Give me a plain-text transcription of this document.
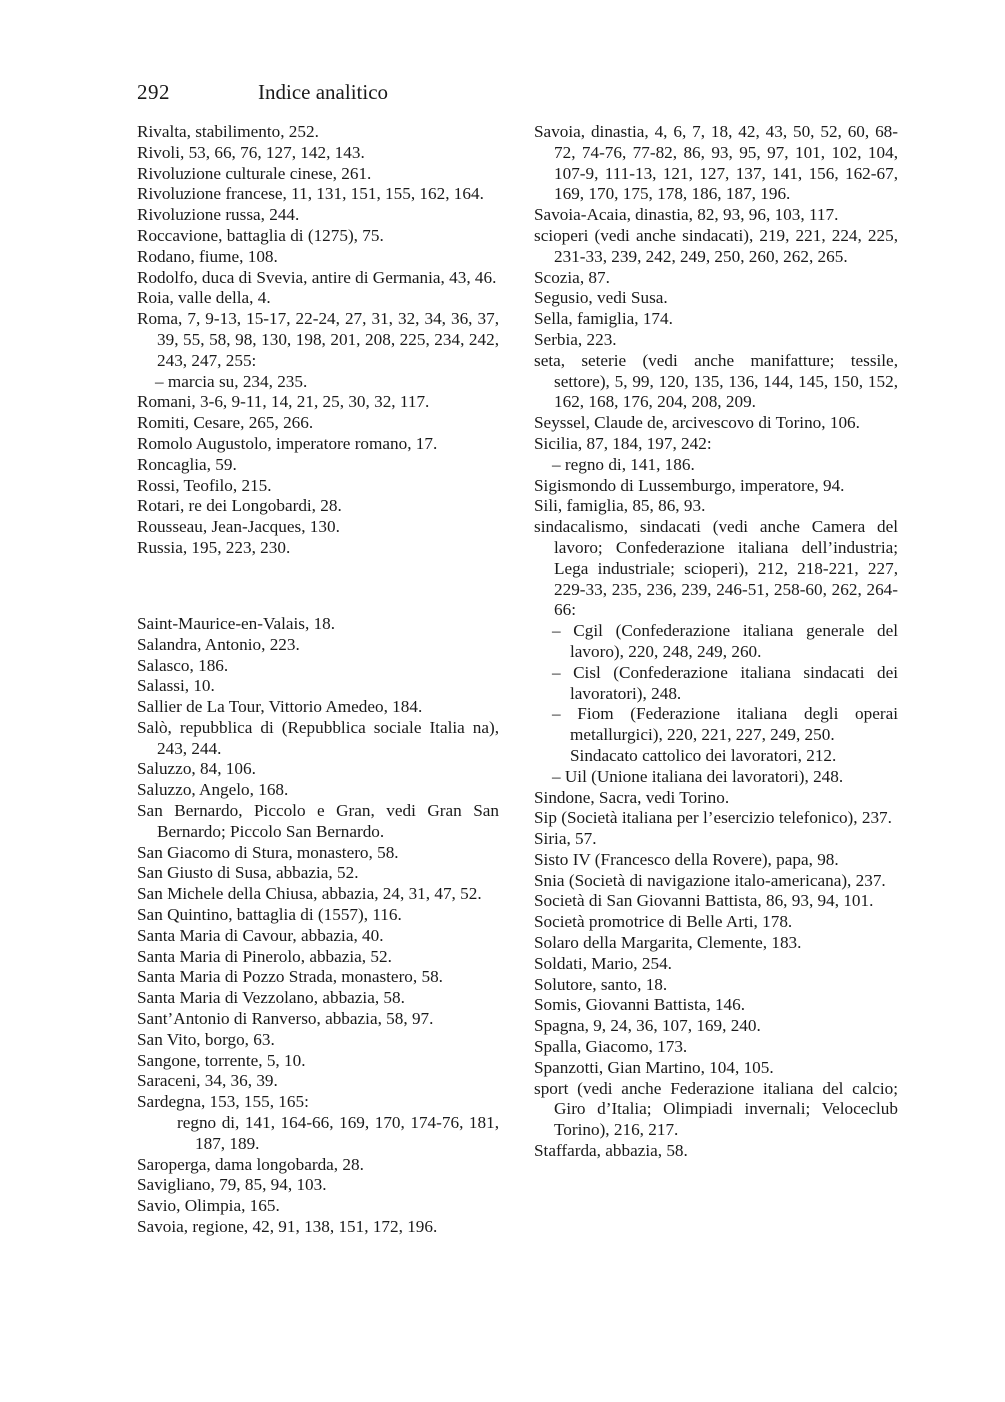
292	Indice analitico

Rivalta, stabilimento, 252.

Rivoli, 53, 66, 76, 127, 142, 143.

Rivoluzione culturale cinese, 261.

Rivoluzione francese, 11, 131, 151, 155, 162, 164.

Rivoluzione russa, 244.

Roccavione, battaglia di (1275), 75.

Rodano, fiume, 108.

Rodolfo, duca di Svevia, antire di Germania, 43, 46.

Roia, valle della, 4.

Roma, 7, 9-13, 15-17, 22-24, 27, 31, 32, 34, 36, 37, 39, 55, 58, 98, 130, 198, 201, 208, 225, 234, 242, 243, 247, 255:

– marcia su, 234, 235.

Romani, 3-6, 9-11, 14, 21, 25, 30, 32, 117.

Romiti, Cesare, 265, 266.

Romolo Augustolo, imperatore romano, 17.

Roncaglia, 59.

Rossi, Teofilo, 215.

Rotari, re dei Longobardi, 28.

Rousseau, Jean-Jacques, 130.

Russia, 195, 223, 230.

Saint-Maurice-en-Valais, 18.

Salandra, Antonio, 223.

Salasco, 186.

Salassi, 10.

Sallier de La Tour, Vittorio Amedeo, 184.

Salò, repubblica di (Repubblica sociale Italia na), 243, 244.

Saluzzo, 84, 106.

Saluzzo, Angelo, 168.

San Bernardo, Piccolo e Gran, vedi Gran San Bernardo; Piccolo San Bernardo.

San Giacomo di Stura, monastero, 58.

San Giusto di Susa, abbazia, 52.

San Michele della Chiusa, abbazia, 24, 31, 47, 52.

San Quintino, battaglia di (1557), 116.

Santa Maria di Cavour, abbazia, 40.

Santa Maria di Pinerolo, abbazia, 52.

Santa Maria di Pozzo Strada, monastero, 58.

Santa Maria di Vezzolano, abbazia, 58.

Sant’Antonio di Ranverso, abbazia, 58, 97.

San Vito, borgo, 63.

Sangone, torrente, 5, 10.

Saraceni, 34, 36, 39.

Sardegna, 153, 155, 165:

regno di, 141, 164-66, 169, 170, 174-76, 181, 187, 189.

Saroperga, dama longobarda, 28.

Savigliano, 79, 85, 94, 103.

Savio, Olimpia, 165.

Savoia, regione, 42, 91, 138, 151, 172, 196.

Savoia, dinastia, 4, 6, 7, 18, 42, 43, 50, 52, 60, 68-72, 74-76, 77-82, 86, 93, 95, 97, 101, 102, 104, 107-9, 111-13, 121, 127, 137, 141, 156, 162-67, 169, 170, 175, 178, 186, 187, 196.

Savoia-Acaia, dinastia, 82, 93, 96, 103, 117.

scioperi (vedi anche sindacati), 219, 221, 224, 225, 231-33, 239, 242, 249, 250, 260, 262, 265.

Scozia, 87.

Segusio, vedi Susa.

Sella, famiglia, 174.

Serbia, 223.

seta, seterie (vedi anche manifatture; tessile, settore), 5, 99, 120, 135, 136, 144, 145, 150, 152, 162, 168, 176, 204, 208, 209.

Seyssel, Claude de, arcivescovo di Torino, 106.

Sicilia, 87, 184, 197, 242:

– regno di, 141, 186.

Sigismondo di Lussemburgo, imperatore, 94.

Sili, famiglia, 85, 86, 93.

sindacalismo, sindacati (vedi anche Camera del lavoro; Confederazione italiana dell’industria; Lega industriale; scioperi), 212, 218-221, 227, 229-33, 235, 236, 239, 246-51, 258-60, 262, 264-66:

– Cgil (Confederazione italiana generale del lavoro), 220, 248, 249, 260.

– Cisl (Confederazione italiana sindacati dei lavoratori), 248.

– Fiom (Federazione italiana degli operai metallurgici), 220, 221, 227, 249, 250.

Sindacato cattolico dei lavoratori, 212.

– Uil (Unione italiana dei lavoratori), 248.

Sindone, Sacra, vedi Torino.

Sip (Società italiana per l’esercizio telefonico), 237.

Siria, 57.

Sisto IV (Francesco della Rovere), papa, 98.

Snia (Società di navigazione italo-americana), 237.

Società di San Giovanni Battista, 86, 93, 94, 101.

Società promotrice di Belle Arti, 178.

Solaro della Margarita, Clemente, 183.

Soldati, Mario, 254.

Solutore, santo, 18.

Somis, Giovanni Battista, 146.

Spagna, 9, 24, 36, 107, 169, 240.

Spalla, Giacomo, 173.

Spanzotti, Gian Martino, 104, 105.

sport (vedi anche Federazione italiana del calcio; Giro d’Italia; Olimpiadi invernali; Veloceclub Torino), 216, 217.

Staffarda, abbazia, 58.
